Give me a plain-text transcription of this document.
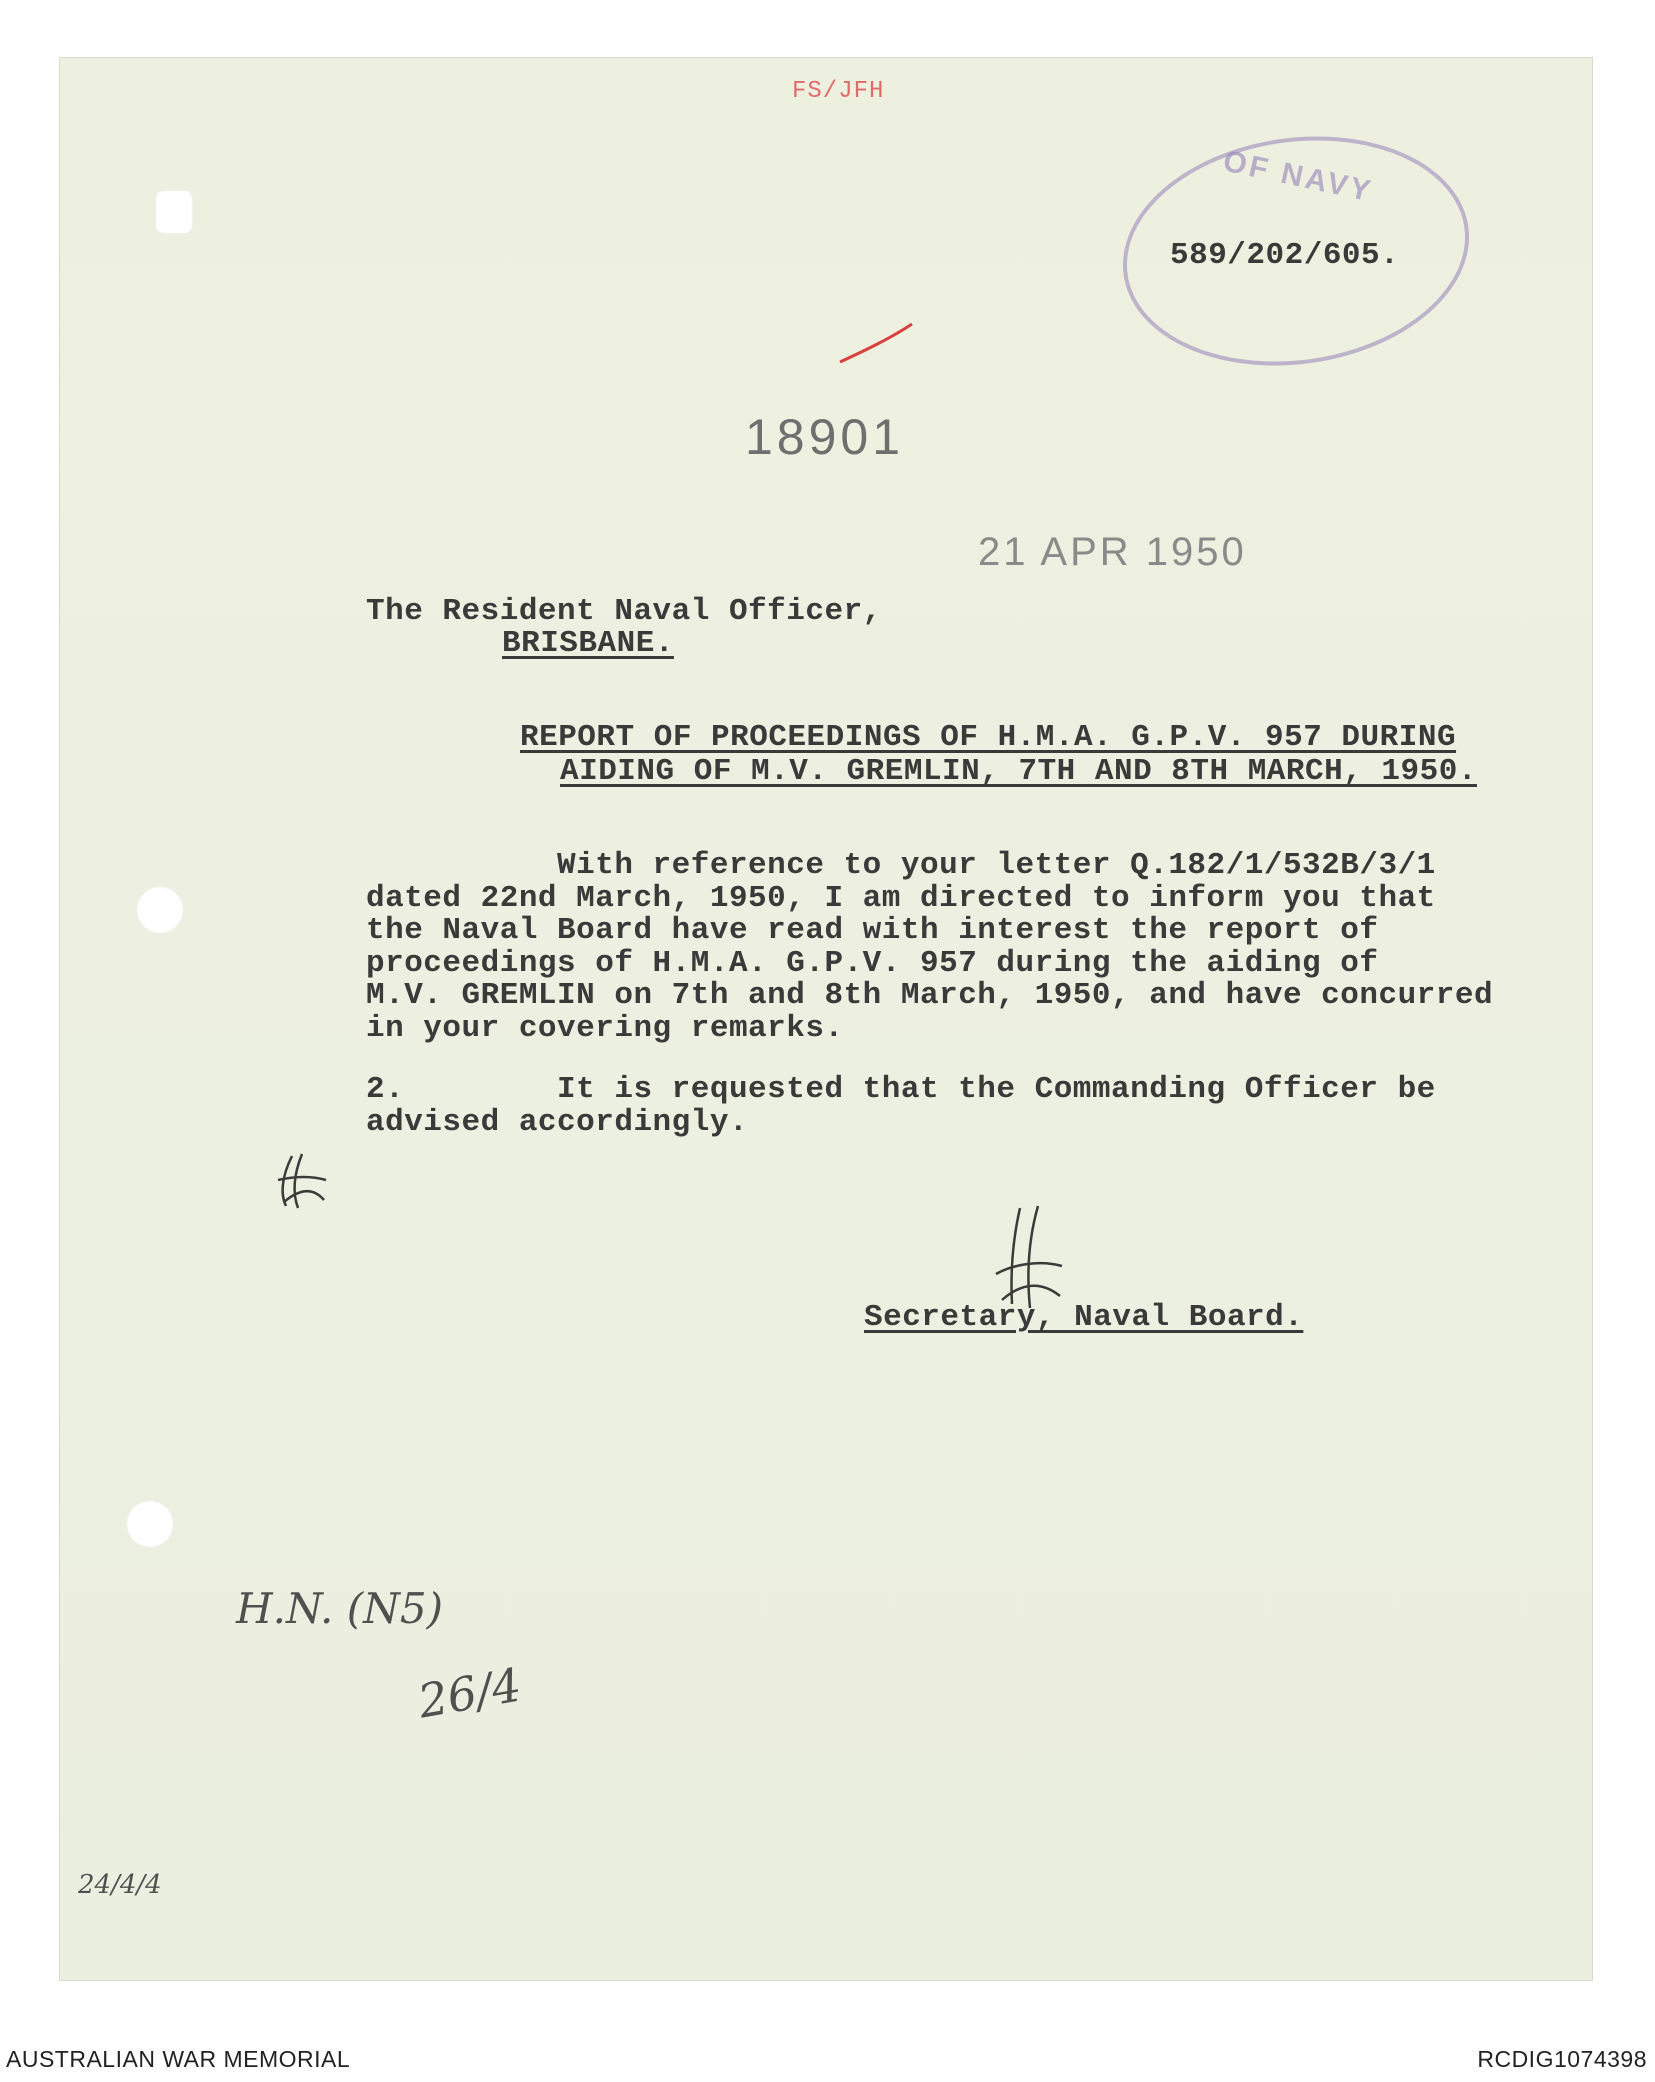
FS/JFH
OF NAVY
589/202/605.
18901
21 APR 1950
The Resident Naval Officer,
BRISBANE.
REPORT OF PROCEEDINGS OF H.M.A. G.P.V. 957 DURING
AIDING OF M.V. GREMLIN, 7TH AND 8TH MARCH, 1950.
With reference to your letter Q.182/1/532B/3/1
dated 22nd March, 1950, I am directed to inform you that
the Naval Board have read with interest the report of
proceedings of H.M.A. G.P.V. 957 during the aiding of
M.V. GREMLIN on 7th and 8th March, 1950, and have concurred
in your covering remarks.
2.        It is requested that the Commanding Officer be
advised accordingly.
Secretary, Naval Board.
H.N. (N5)
26/4
24/4/4
AUSTRALIAN WAR MEMORIAL	RCDIG1074398
